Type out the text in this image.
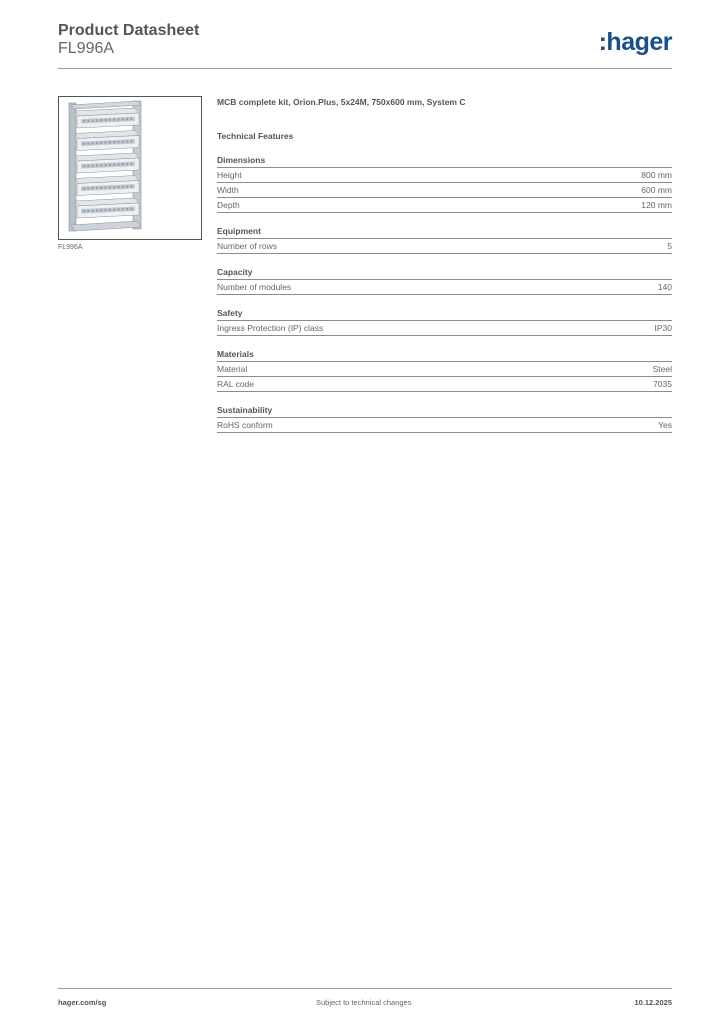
Product Datasheet
FL996A	:hager
FL996A
MCB complete kit, Orion.Plus, 5x24M, 750x600 mm, System C
Technical Features
Dimensions
Height	800 mm
Width	600 mm
Depth	120 mm
Equipment
Number of rows	5
Capacity
Number of modules	140
Safety
Ingress Protection (IP) class	IP30
Materials
Material	Steel
RAL code	7035
Sustainability
RoHS conform	Yes
hager.com/sg	Subject to technical changes	10.12.2025
